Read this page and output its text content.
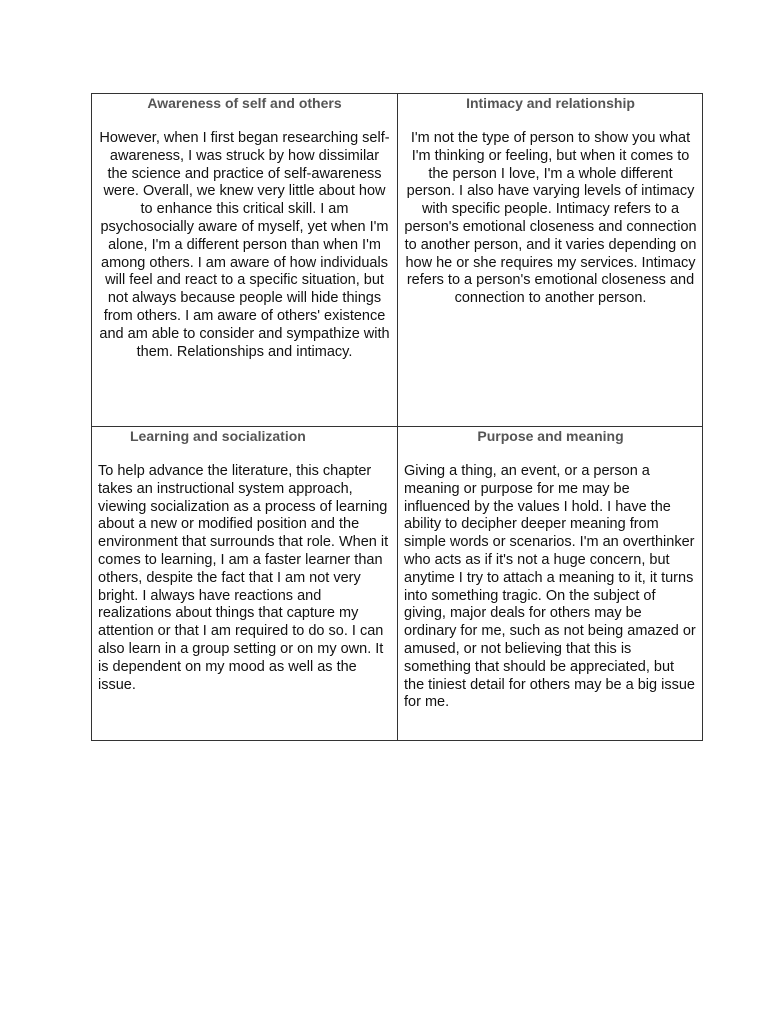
Awareness of self and others
However, when I first began researching self-awareness, I was struck by how dissimilar the science and practice of self-awareness were. Overall, we knew very little about how to enhance this critical skill. I am psychosocially aware of myself, yet when I'm alone, I'm a different person than when I'm among others. I am aware of how individuals will feel and react to a specific situation, but not always because people will hide things from others. I am aware of others' existence and am able to consider and sympathize with them. Relationships and intimacy.
Intimacy and relationship
I'm not the type of person to show you what I'm thinking or feeling, but when it comes to the person I love, I'm a whole different person. I also have varying levels of intimacy with specific people. Intimacy refers to a person's emotional closeness and connection to another person, and it varies depending on how he or she requires my services. Intimacy refers to a person's emotional closeness and connection to another person.
Learning and socialization
To help advance the literature, this chapter takes an instructional system approach, viewing socialization as a process of learning about a new or modified position and the environment that surrounds that role. When it comes to learning, I am a faster learner than others, despite the fact that I am not very bright. I always have reactions and realizations about things that capture my attention or that I am required to do so. I can also learn in a group setting or on my own. It is dependent on my mood as well as the issue.
Purpose and meaning
Giving a thing, an event, or a person a meaning or purpose for me may be influenced by the values I hold. I have the ability to decipher deeper meaning from simple words or scenarios. I'm an overthinker who acts as if it's not a huge concern, but anytime I try to attach a meaning to it, it turns into something tragic. On the subject of giving, major deals for others may be ordinary for me, such as not being amazed or amused, or not believing that this is something that should be appreciated, but the tiniest detail for others may be a big issue for me.
